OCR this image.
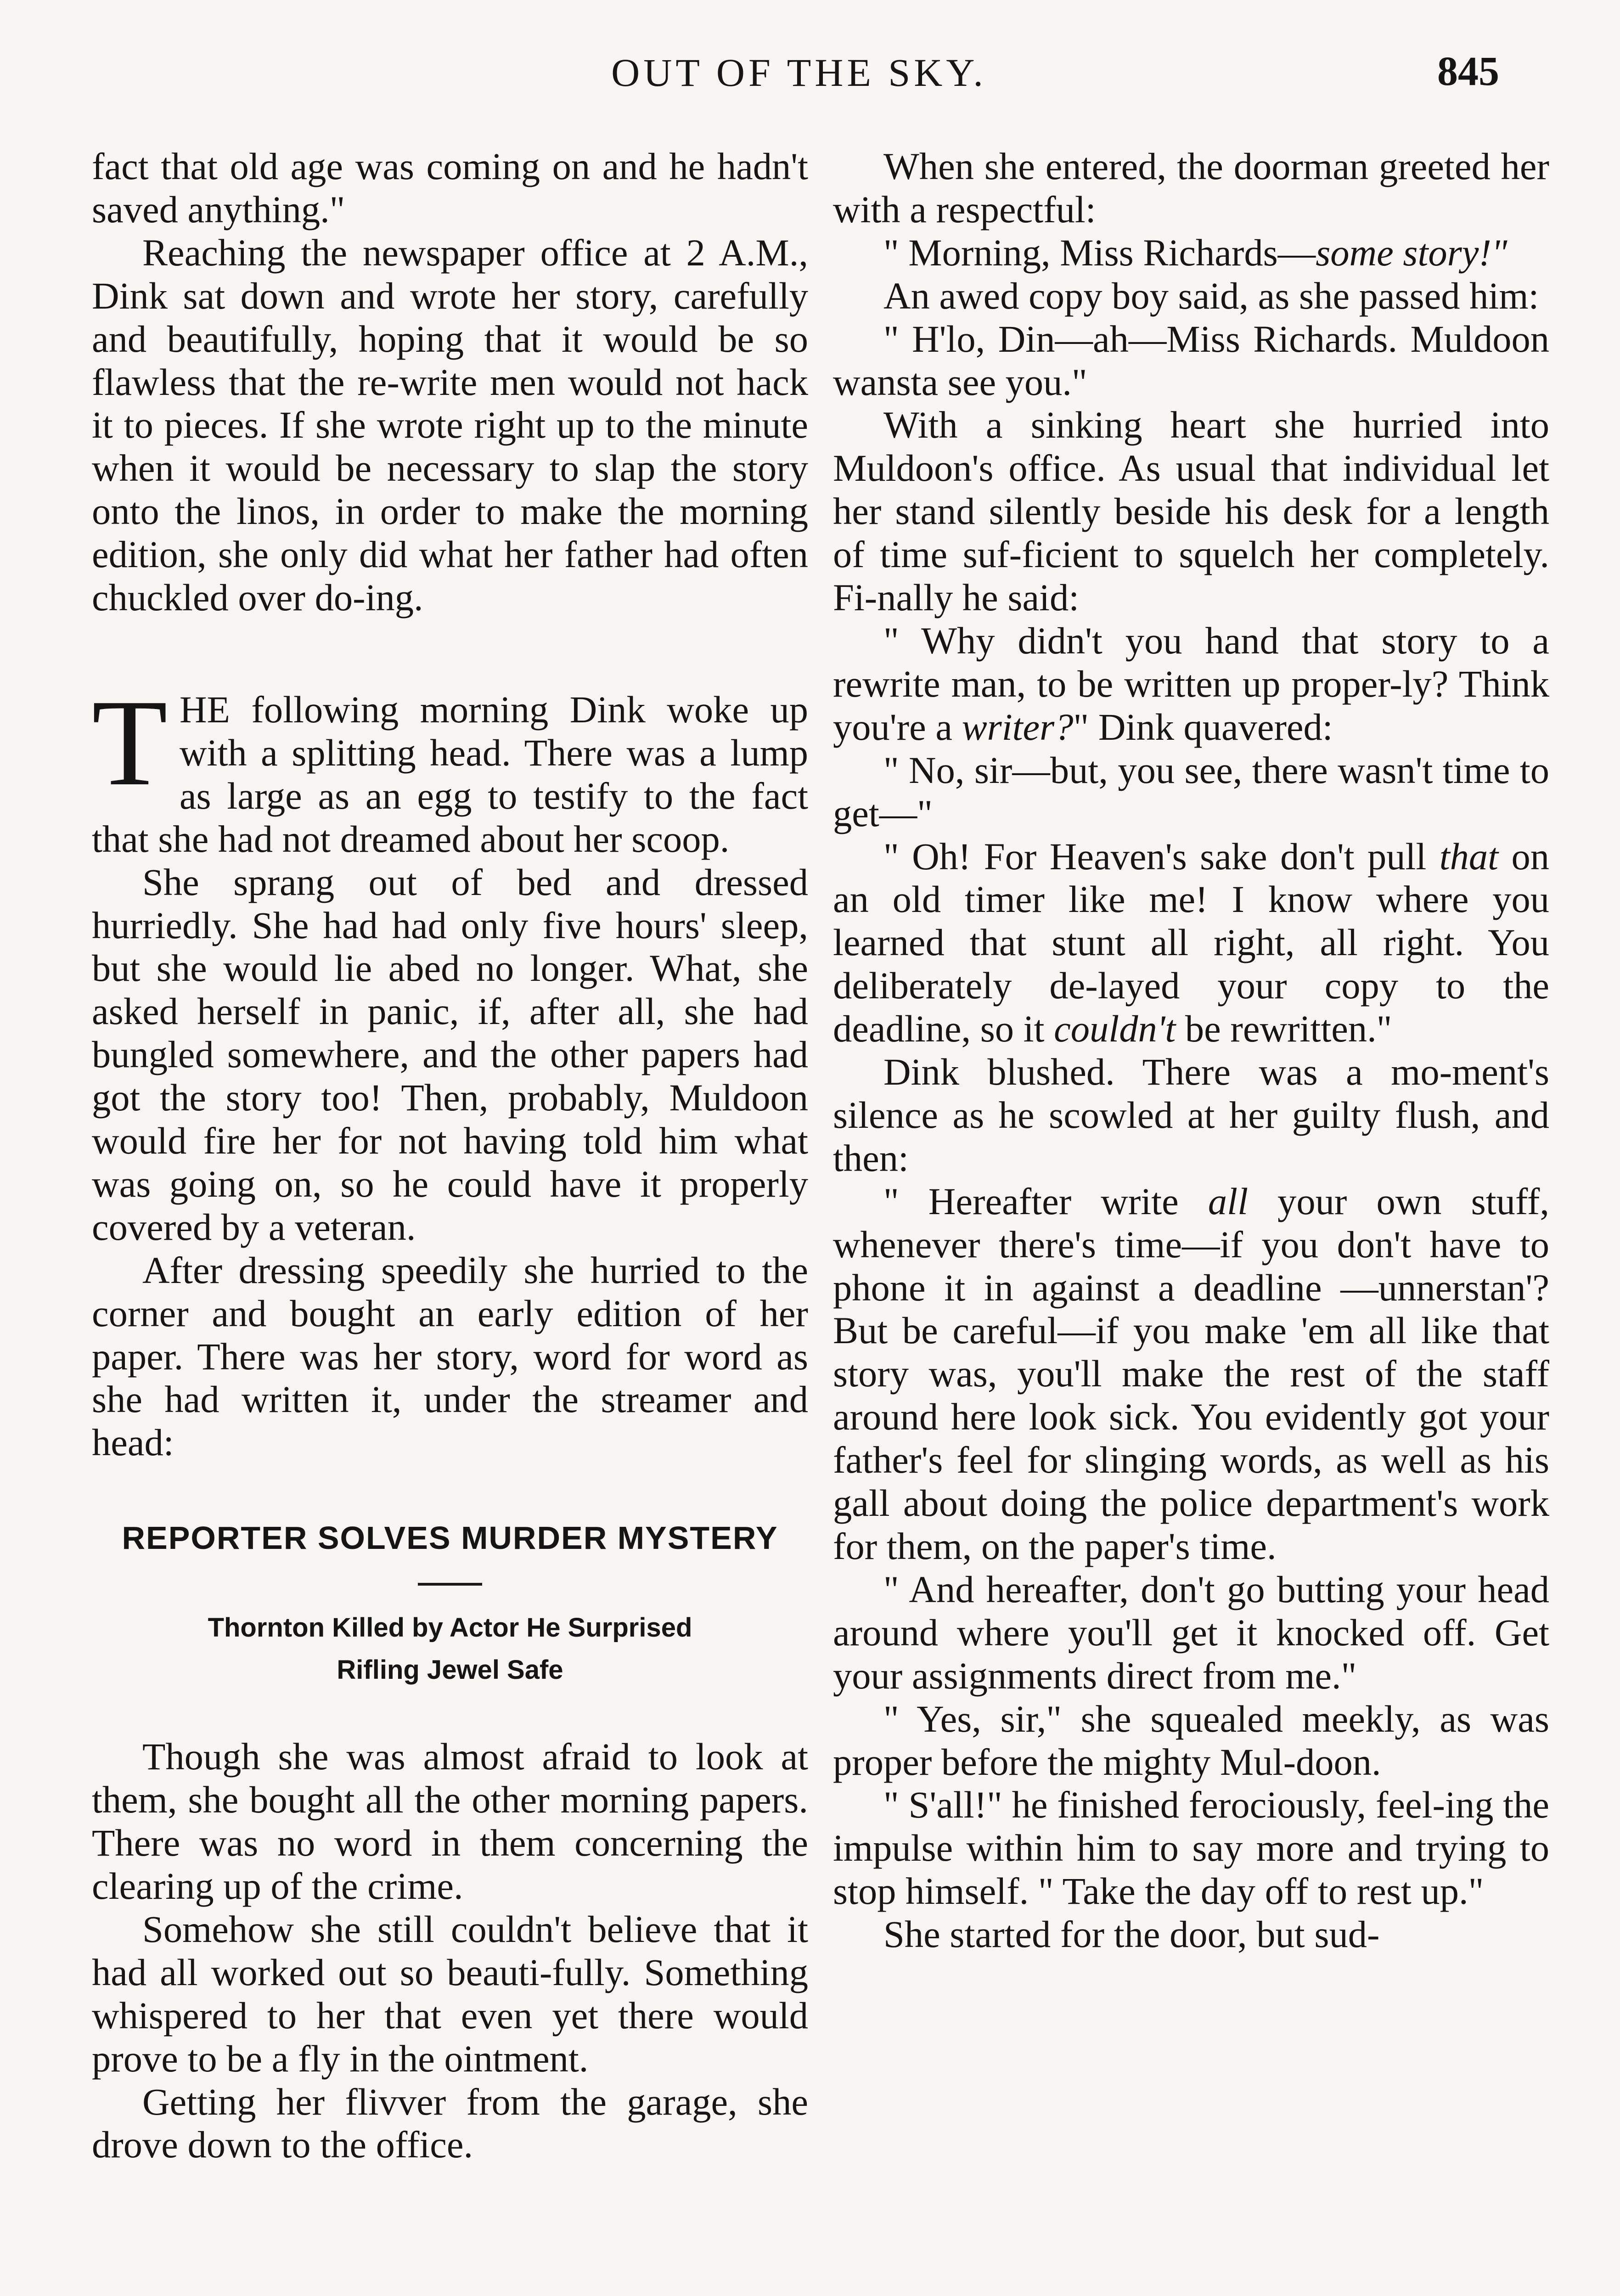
OUT OF THE SKY.	845

fact that old age was coming on and he hadn't saved anything."

Reaching the newspaper office at 2 A.M., Dink sat down and wrote her story, carefully and beautifully, hoping that it would be so flawless that the re-write men would not hack it to pieces. If she wrote right up to the minute when it would be necessary to slap the story onto the linos, in order to make the morning edition, she only did what her father had often chuckled over do-ing.

THE following morning Dink woke up with a splitting head. There was a lump as large as an egg to testify to the fact that she had not dreamed about her scoop.

She sprang out of bed and dressed hurriedly. She had had only five hours' sleep, but she would lie abed no longer. What, she asked herself in panic, if, after all, she had bungled somewhere, and the other papers had got the story too! Then, probably, Muldoon would fire her for not having told him what was going on, so he could have it properly covered by a veteran.

After dressing speedily she hurried to the corner and bought an early edition of her paper. There was her story, word for word as she had written it, under the streamer and head:

REPORTER SOLVES MURDER MYSTERY
Thornton Killed by Actor He Surprised
Rifling Jewel Safe

Though she was almost afraid to look at them, she bought all the other morning papers. There was no word in them concerning the clearing up of the crime.

Somehow she still couldn't believe that it had all worked out so beauti-fully. Something whispered to her that even yet there would prove to be a fly in the ointment.

Getting her flivver from the garage, she drove down to the office.

When she entered, the doorman greeted her with a respectful:

" Morning, Miss Richards—some story!"

An awed copy boy said, as she passed him:

" H'lo, Din—ah—Miss Richards. Muldoon wansta see you."

With a sinking heart she hurried into Muldoon's office. As usual that individual let her stand silently beside his desk for a length of time suf-ficient to squelch her completely. Fi-nally he said:

" Why didn't you hand that story to a rewrite man, to be written up proper-ly? Think you're a writer?" Dink quavered:

" No, sir—but, you see, there wasn't time to get—"

" Oh! For Heaven's sake don't pull that on an old timer like me! I know where you learned that stunt all right, all right. You deliberately de-layed your copy to the deadline, so it couldn't be rewritten."

Dink blushed. There was a mo-ment's silence as he scowled at her guilty flush, and then:

" Hereafter write all your own stuff, whenever there's time—if you don't have to phone it in against a deadline —unnerstan'? But be careful—if you make 'em all like that story was, you'll make the rest of the staff around here look sick. You evidently got your father's feel for slinging words, as well as his gall about doing the police department's work for them, on the paper's time.

" And hereafter, don't go butting your head around where you'll get it knocked off. Get your assignments direct from me."

" Yes, sir," she squealed meekly, as was proper before the mighty Mul-doon.

" S'all!" he finished ferociously, feel-ing the impulse within him to say more and trying to stop himself. " Take the day off to rest up."

She started for the door, but sud-
